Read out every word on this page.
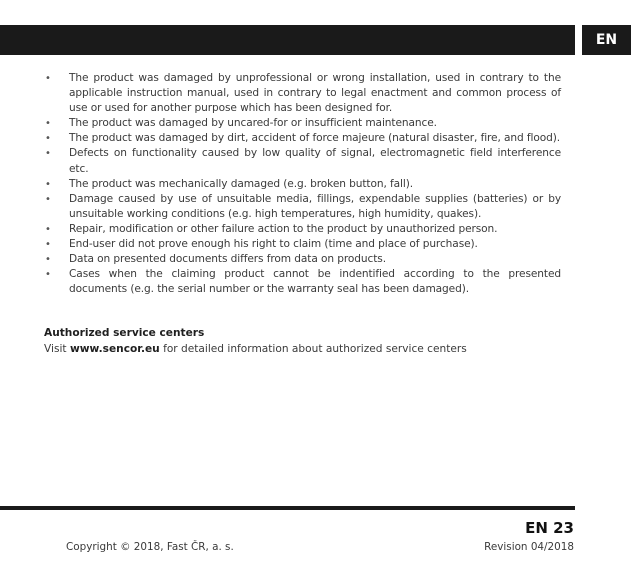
EN
• The product was damaged by unprofessional or wrong installation, used in contrary to the applicable instruction manual, used in contrary to legal enactment and common process of use or used for another purpose which has been designed for.
• The product was damaged by uncared-for or insufficient maintenance.
• The product was damaged by dirt, accident of force majeure (natural disaster, fire, and flood).
• Defects on functionality caused by low quality of signal, electromagnetic field interference etc.
• The product was mechanically damaged (e.g. broken button, fall).
• Damage caused by use of unsuitable media, fillings, expendable supplies (batteries) or by unsuitable working conditions (e.g. high temperatures, high humidity, quakes).
• Repair, modification or other failure action to the product by unauthorized person.
• End-user did not prove enough his right to claim (time and place of purchase).
• Data on presented documents differs from data on products.
• Cases when the claiming product cannot be indentified according to the presented documents (e.g. the serial number or the warranty seal has been damaged).

Authorized service centers

Visit www.sencor.eu for detailed information about authorized service centers

EN 23
Copyright © 2018, Fast ČR, a. s.	Revision 04/2018
